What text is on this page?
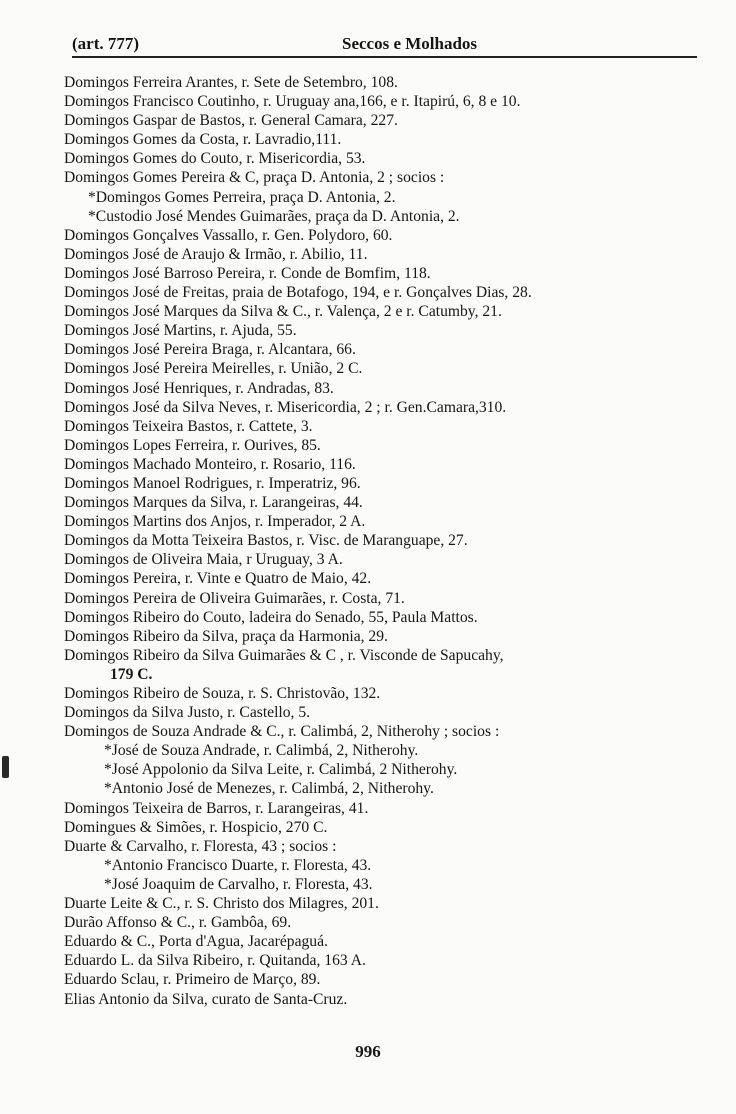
(art. 777)	Seccos e Molhados
Domingos Ferreira Arantes, r. Sete de Setembro, 108.
Domingos Francisco Coutinho, r. Uruguay ana,166, e r. Itapirú, 6, 8 e 10.
Domingos Gaspar de Bastos, r. General Camara, 227.
Domingos Gomes da Costa, r. Lavradio,111.
Domingos Gomes do Couto, r. Misericordia, 53.
Domingos Gomes Pereira & C, praça D. Antonia, 2 ; socios :
*Domingos Gomes Perreira, praça D. Antonia, 2.
*Custodio José Mendes Guimarães, praça da D. Antonia, 2.
Domingos Gonçalves Vassallo, r. Gen. Polydoro, 60.
Domingos José de Araujo & Irmão, r. Abilio, 11.
Domingos José Barroso Pereira, r. Conde de Bomfim, 118.
Domingos José de Freitas, praia de Botafogo, 194, e r. Gonçalves Dias, 28.
Domingos José Marques da Silva & C., r. Valença, 2 e r. Catumby, 21.
Domingos José Martins, r. Ajuda, 55.
Domingos José Pereira Braga, r. Alcantara, 66.
Domingos José Pereira Meirelles, r. União, 2 C.
Domingos José Henriques, r. Andradas, 83.
Domingos José da Silva Neves, r. Misericordia, 2 ; r. Gen.Camara,310.
Domingos Teixeira Bastos, r. Cattete, 3.
Domingos Lopes Ferreira, r. Ourives, 85.
Domingos Machado Monteiro, r. Rosario, 116.
Domingos Manoel Rodrigues, r. Imperatriz, 96.
Domingos Marques da Silva, r. Larangeiras, 44.
Domingos Martins dos Anjos, r. Imperador, 2 A.
Domingos da Motta Teixeira Bastos, r. Visc. de Maranguape, 27.
Domingos de Oliveira Maia, r Uruguay, 3 A.
Domingos Pereira, r. Vinte e Quatro de Maio, 42.
Domingos Pereira de Oliveira Guimarães, r. Costa, 71.
Domingos Ribeiro do Couto, ladeira do Senado, 55, Paula Mattos.
Domingos Ribeiro da Silva, praça da Harmonia, 29.
Domingos Ribeiro da Silva Guimarães & C , r. Visconde de Sapucahy,
179 C.
Domingos Ribeiro de Souza, r. S. Christovão, 132.
Domingos da Silva Justo, r. Castello, 5.
Domingos de Souza Andrade & C., r. Calimbá, 2, Nitherohy ; socios :
*José de Souza Andrade, r. Calimbá, 2, Nitherohy.
*José Appolonio da Silva Leite, r. Calimbá, 2 Nitherohy.
*Antonio José de Menezes, r. Calimbá, 2, Nitherohy.
Domingos Teixeira de Barros, r. Larangeiras, 41.
Domingues & Simões, r. Hospicio, 270 C.
Duarte & Carvalho, r. Floresta, 43 ; socios :
*Antonio Francisco Duarte, r. Floresta, 43.
*José Joaquim de Carvalho, r. Floresta, 43.
Duarte Leite & C., r. S. Christo dos Milagres, 201.
Durão Affonso & C., r. Gambôa, 69.
Eduardo & C., Porta d'Agua, Jacarépaguá.
Eduardo L. da Silva Ribeiro, r. Quitanda, 163 A.
Eduardo Sclau, r. Primeiro de Março, 89.
Elias Antonio da Silva, curato de Santa-Cruz.
996
